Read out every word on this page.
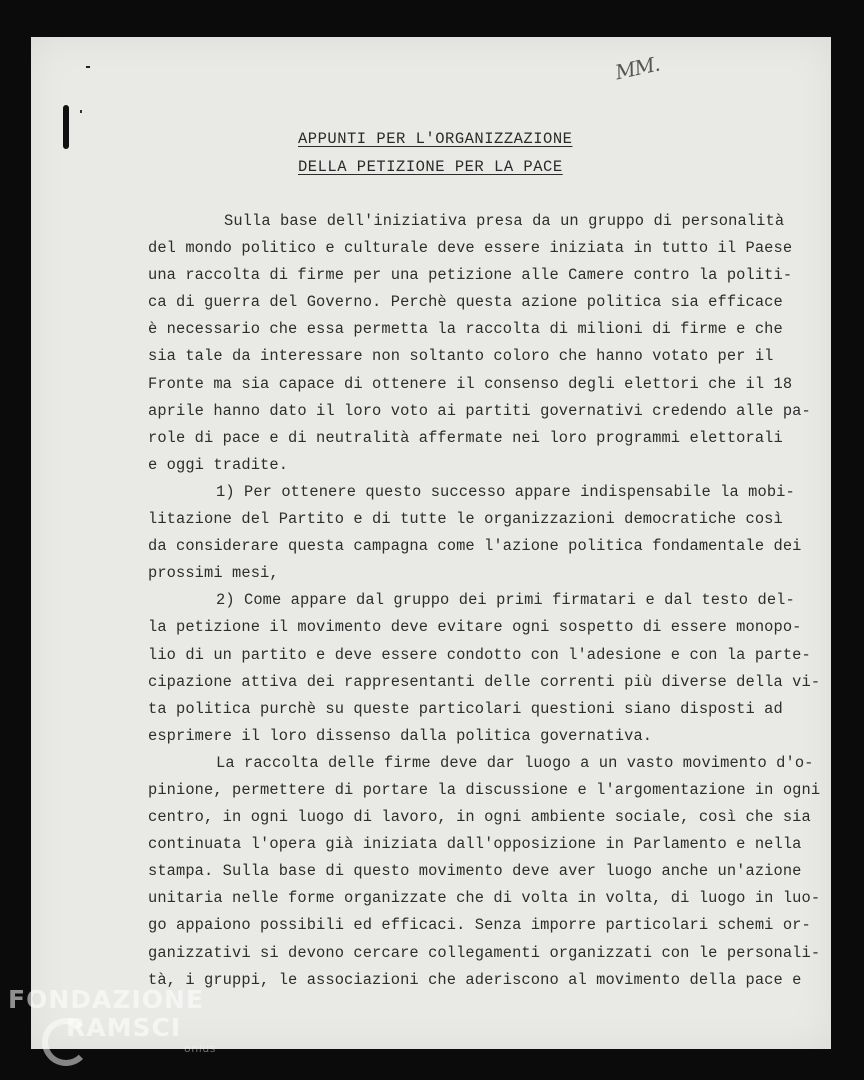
MM.
APPUNTI PER L'ORGANIZZAZIONE
DELLA PETIZIONE PER LA PACE
Sulla base dell'iniziativa presa da un gruppo di personalità
del mondo politico e culturale deve essere iniziata in tutto il Paese
una raccolta di firme per una petizione alle Camere contro la politi-
ca di guerra del Governo. Perchè questa azione politica sia efficace
è necessario che essa permetta la raccolta di milioni di firme e che
sia tale da interessare non soltanto coloro che hanno votato per il
Fronte ma sia capace di ottenere il consenso degli elettori che il 18
aprile hanno dato il loro voto ai partiti governativi credendo alle pa-
role di pace e di neutralità affermate nei loro programmi elettorali
e oggi tradite.
1) Per ottenere questo successo appare indispensabile la mobi-
litazione del Partito e di tutte le organizzazioni democratiche così
da considerare questa campagna come l'azione politica fondamentale dei
prossimi mesi,
2) Come appare dal gruppo dei primi firmatari e dal testo del-
la petizione il movimento deve evitare ogni sospetto di essere monopo-
lio di un partito e deve essere condotto con l'adesione e con la parte-
cipazione attiva dei rappresentanti delle correnti più diverse della vi-
ta politica purchè su queste particolari questioni siano disposti ad
esprimere il loro dissenso dalla politica governativa.
La raccolta delle firme deve dar luogo a un vasto movimento d'o-
pinione, permettere di portare la discussione e l'argomentazione in ogni
centro, in ogni luogo di lavoro, in ogni ambiente sociale, così che sia
continuata l'opera già iniziata dall'opposizione in Parlamento e nella
stampa. Sulla base di questo movimento deve aver luogo anche un'azione
unitaria nelle forme organizzate che di volta in volta, di luogo in luo-
go appaiono possibili ed efficaci. Senza imporre particolari schemi or-
ganizzativi si devono cercare collegamenti organizzati con le personali-
tà, i gruppi, le associazioni che aderiscono al movimento della pace e
FONDAZIONE
RAMSCI
onlus
